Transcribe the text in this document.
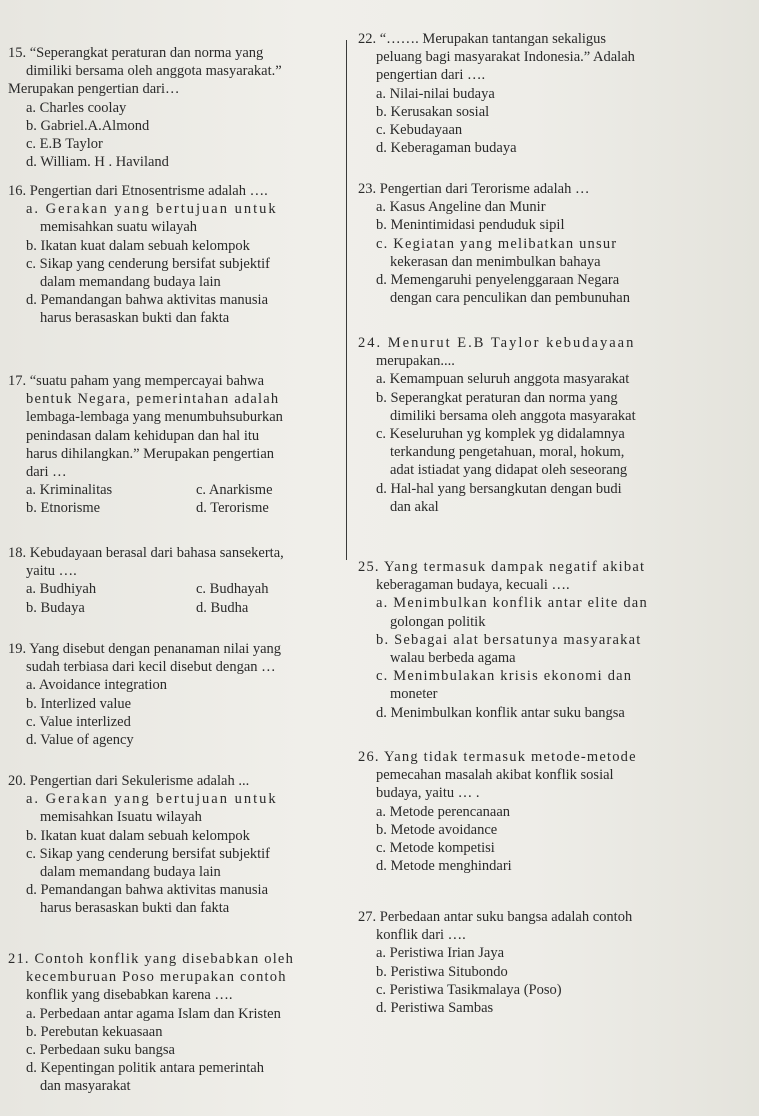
15. “Seperangkat peraturan dan norma yang
dimiliki bersama oleh anggota masyarakat.”
Merupakan pengertian dari…
a. Charles coolay
b. Gabriel.A.Almond
c. E.B Taylor
d. William. H . Haviland
16. Pengertian dari Etnosentrisme adalah ….
a. Gerakan yang bertujuan untuk
memisahkan suatu wilayah
b. Ikatan kuat dalam sebuah kelompok
c. Sikap yang cenderung bersifat subjektif
dalam memandang budaya lain
d. Pemandangan bahwa aktivitas manusia
harus berasaskan bukti dan fakta
17. “suatu paham yang mempercayai bahwa
bentuk Negara, pemerintahan adalah
lembaga-lembaga yang menumbuhsuburkan
penindasan dalam kehidupan dan hal itu
harus dihilangkan.” Merupakan pengertian
dari …
a. Kriminalitas	c. Anarkisme
b. Etnorisme	d. Terorisme
18. Kebudayaan berasal dari bahasa sansekerta,
yaitu ….
a. Budhiyah	c. Budhayah
b. Budaya	d. Budha
19. Yang disebut dengan penanaman nilai yang
sudah terbiasa dari kecil disebut dengan …
a. Avoidance integration
b. Interlized value
c. Value interlized
d. Value of agency
20. Pengertian dari Sekulerisme adalah ...
a. Gerakan yang bertujuan untuk
memisahkan Isuatu wilayah
b. Ikatan kuat dalam sebuah kelompok
c. Sikap yang cenderung bersifat subjektif
dalam memandang budaya lain
d. Pemandangan bahwa aktivitas manusia
harus berasaskan bukti dan fakta
21. Contoh konflik yang disebabkan oleh
kecemburuan Poso merupakan contoh
konflik yang disebabkan karena ….
a. Perbedaan antar agama Islam dan Kristen
b. Perebutan kekuasaan
c. Perbedaan suku bangsa
d. Kepentingan politik antara pemerintah
dan masyarakat
22. “……. Merupakan tantangan sekaligus
peluang bagi masyarakat Indonesia.” Adalah
pengertian dari ….
a. Nilai-nilai budaya
b. Kerusakan sosial
c. Kebudayaan
d. Keberagaman budaya
23. Pengertian dari Terorisme adalah …
a. Kasus Angeline dan Munir
b. Menintimidasi penduduk sipil
c. Kegiatan yang melibatkan unsur
kekerasan dan menimbulkan bahaya
d. Memengaruhi penyelenggaraan Negara
dengan cara penculikan dan pembunuhan
24. Menurut E.B Taylor kebudayaan
merupakan....
a. Kemampuan seluruh anggota masyarakat
b. Seperangkat peraturan dan norma yang
dimiliki bersama oleh anggota masyarakat
c. Keseluruhan yg komplek yg didalamnya
terkandung pengetahuan, moral, hokum,
adat istiadat yang didapat oleh seseorang
d. Hal-hal yang bersangkutan dengan budi
dan akal
25. Yang termasuk dampak negatif akibat
keberagaman budaya, kecuali ….
a. Menimbulkan konflik antar elite dan
golongan politik
b. Sebagai alat bersatunya masyarakat
walau berbeda agama
c. Menimbulakan krisis ekonomi dan
moneter
d. Menimbulkan konflik antar suku bangsa
26. Yang tidak termasuk metode-metode
pemecahan masalah akibat konflik sosial
budaya, yaitu … .
a. Metode perencanaan
b. Metode avoidance
c. Metode kompetisi
d. Metode menghindari
27. Perbedaan antar suku bangsa adalah contoh
konflik dari ….
a. Peristiwa Irian Jaya
b. Peristiwa Situbondo
c. Peristiwa Tasikmalaya (Poso)
d. Peristiwa Sambas
